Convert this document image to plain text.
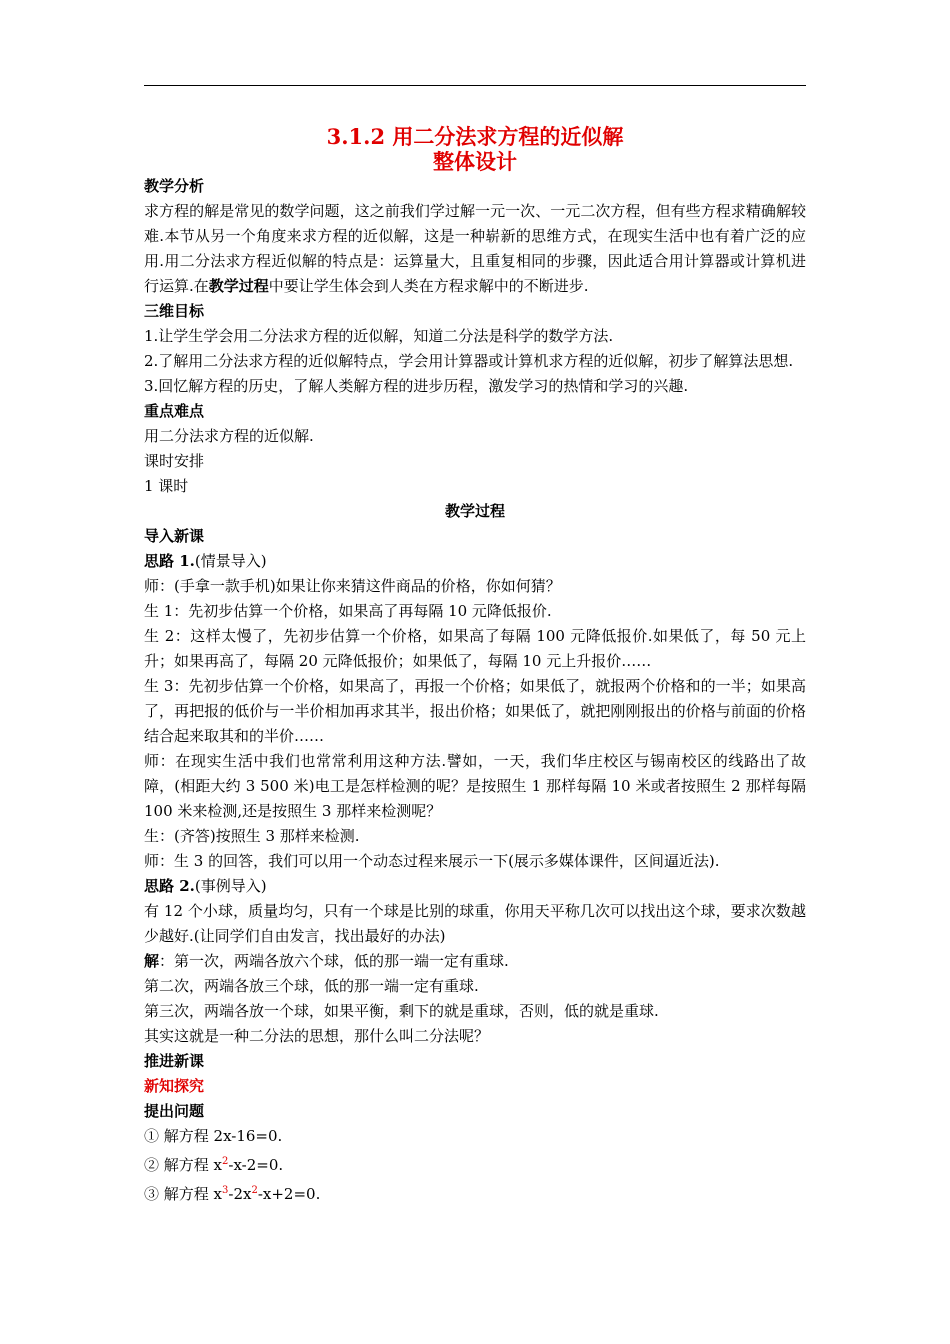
3.1.2 用二分法求方程的近似解
整体设计
教学分析
求方程的解是常见的数学问题，这之前我们学过解一元一次、一元二次方程，但有些方程求精确解较难.本节从另一个角度来求方程的近似解，这是一种崭新的思维方式，在现实生活中也有着广泛的应用.用二分法求方程近似解的特点是：运算量大，且重复相同的步骤，因此适合用计算器或计算机进行运算.在教学过程中要让学生体会到人类在方程求解中的不断进步.
三维目标
1.让学生学会用二分法求方程的近似解，知道二分法是科学的数学方法.
2.了解用二分法求方程的近似解特点，学会用计算器或计算机求方程的近似解，初步了解算法思想.
3.回忆解方程的历史，了解人类解方程的进步历程，激发学习的热情和学习的兴趣.
重点难点
用二分法求方程的近似解.
课时安排
1 课时
教学过程
导入新课
思路 1.(情景导入)
师：(手拿一款手机)如果让你来猜这件商品的价格，你如何猜？
生 1：先初步估算一个价格，如果高了再每隔 10 元降低报价.
生 2：这样太慢了，先初步估算一个价格，如果高了每隔 100 元降低报价.如果低了，每 50 元上升；如果再高了，每隔 20 元降低报价；如果低了，每隔 10 元上升报价……
生 3：先初步估算一个价格，如果高了，再报一个价格；如果低了，就报两个价格和的一半；如果高了，再把报的低价与一半价相加再求其半，报出价格；如果低了，就把刚刚报出的价格与前面的价格结合起来取其和的半价……
师：在现实生活中我们也常常利用这种方法.譬如，一天，我们华庄校区与锡南校区的线路出了故障，(相距大约 3 500 米)电工是怎样检测的呢？是按照生 1 那样每隔 10 米或者按照生 2 那样每隔 100 米来检测,还是按照生 3 那样来检测呢？
生：(齐答)按照生 3 那样来检测.
师：生 3 的回答，我们可以用一个动态过程来展示一下(展示多媒体课件，区间逼近法).
思路 2.(事例导入)
有 12 个小球，质量均匀，只有一个球是比别的球重，你用天平称几次可以找出这个球，要求次数越少越好.(让同学们自由发言，找出最好的办法)
解：第一次，两端各放六个球，低的那一端一定有重球.
第二次，两端各放三个球，低的那一端一定有重球.
第三次，两端各放一个球，如果平衡，剩下的就是重球，否则，低的就是重球.
其实这就是一种二分法的思想，那什么叫二分法呢？
推进新课
新知探究
提出问题
① 解方程 2x-16=0.
② 解方程 $x^2-x-2=0$.
③ 解方程 $x^3-2x^2-x+2=0$.
